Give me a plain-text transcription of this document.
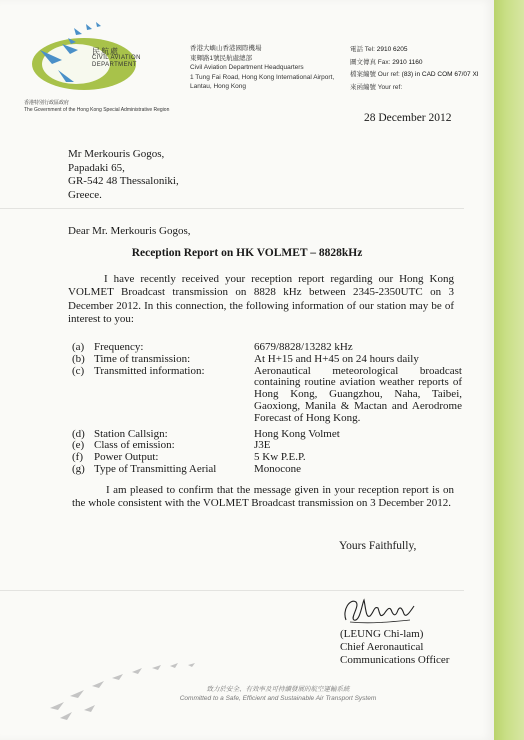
民航處
CIVIL AVIATION
DEPARTMENT
香港特別行政區政府
The Government of the Hong Kong Special Administrative Region
香港大嶼山香港國際機場
東輝路1號民航處總部
Civil Aviation Department Headquarters
1 Tung Fai Road, Hong Kong International Airport,
Lantau, Hong Kong
電話 Tel: 2910 6205
圖文傳真 Fax: 2910 1160
檔案編號 Our ref: (83) in CAD COM 67/07 XI
來函編號 Your ref:
28 December 2012
Mr Merkouris Gogos,
Papadaki 65,
GR-542 48 Thessaloniki,
Greece.
Dear Mr. Merkouris Gogos,
Reception Report on HK VOLMET – 8828kHz
I have recently received your reception report regarding our Hong Kong VOLMET Broadcast transmission on 8828 kHz between 2345-2350UTC on 3 December 2012. In this connection, the following information of our station may be of interest to you:
(a) Frequency:	6679/8828/13282 kHz
(b) Time of transmission:	At H+15 and H+45 on 24 hours daily
(c) Transmitted information:	Aeronautical meteorological broadcast containing routine aviation weather reports of Hong Kong, Guangzhou, Naha, Taibei, Gaoxiong, Manila & Mactan and Aerodrome Forecast of Hong Kong.
(d) Station Callsign:	Hong Kong Volmet
(e) Class of emission:	J3E
(f) Power Output:	5 Kw P.E.P.
(g) Type of Transmitting Aerial	Monocone
I am pleased to confirm that the message given in your reception report is on the whole consistent with the VOLMET Broadcast transmission on 3 December 2012.
Yours Faithfully,
(LEUNG Chi-lam)
Chief Aeronautical
Communications Officer
致力於安全、有效率及可持續發展的航空運輸系統
Committed to a Safe, Efficient and Sustainable Air Transport System
